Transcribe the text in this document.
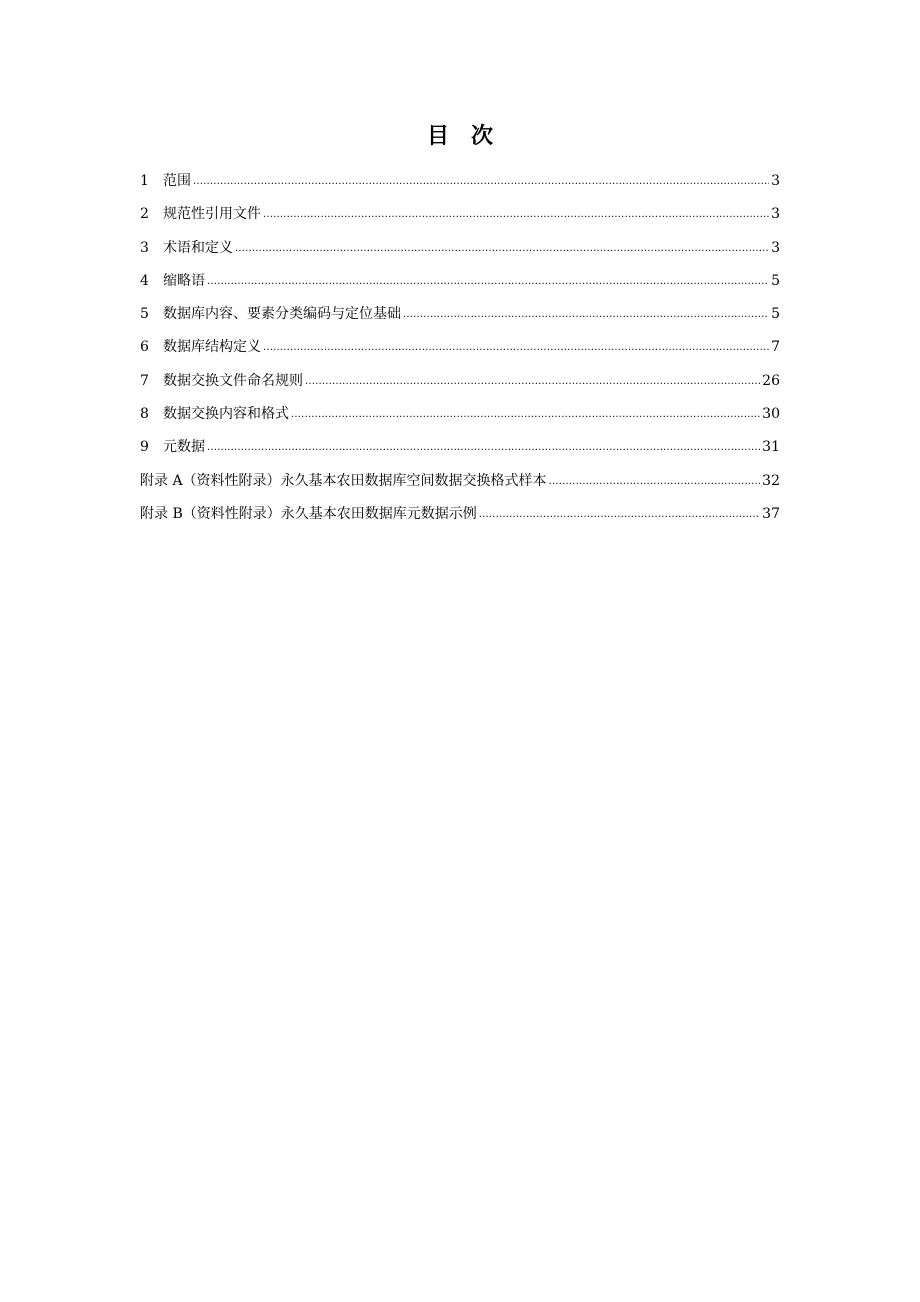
目 次
1	范围 .....	3
2	规范性引用文件 .....	3
3	术语和定义 .....	3
4	缩略语 .....	5
5	数据库内容、要素分类编码与定位基础 .....	5
6	数据库结构定义 .....	7
7	数据交换文件命名规则 .....	26
8	数据交换内容和格式 .....	30
9	元数据 .....	31
附录 A（资料性附录）永久基本农田数据库空间数据交换格式样本 .....	32
附录 B（资料性附录）永久基本农田数据库元数据示例 .....	37
